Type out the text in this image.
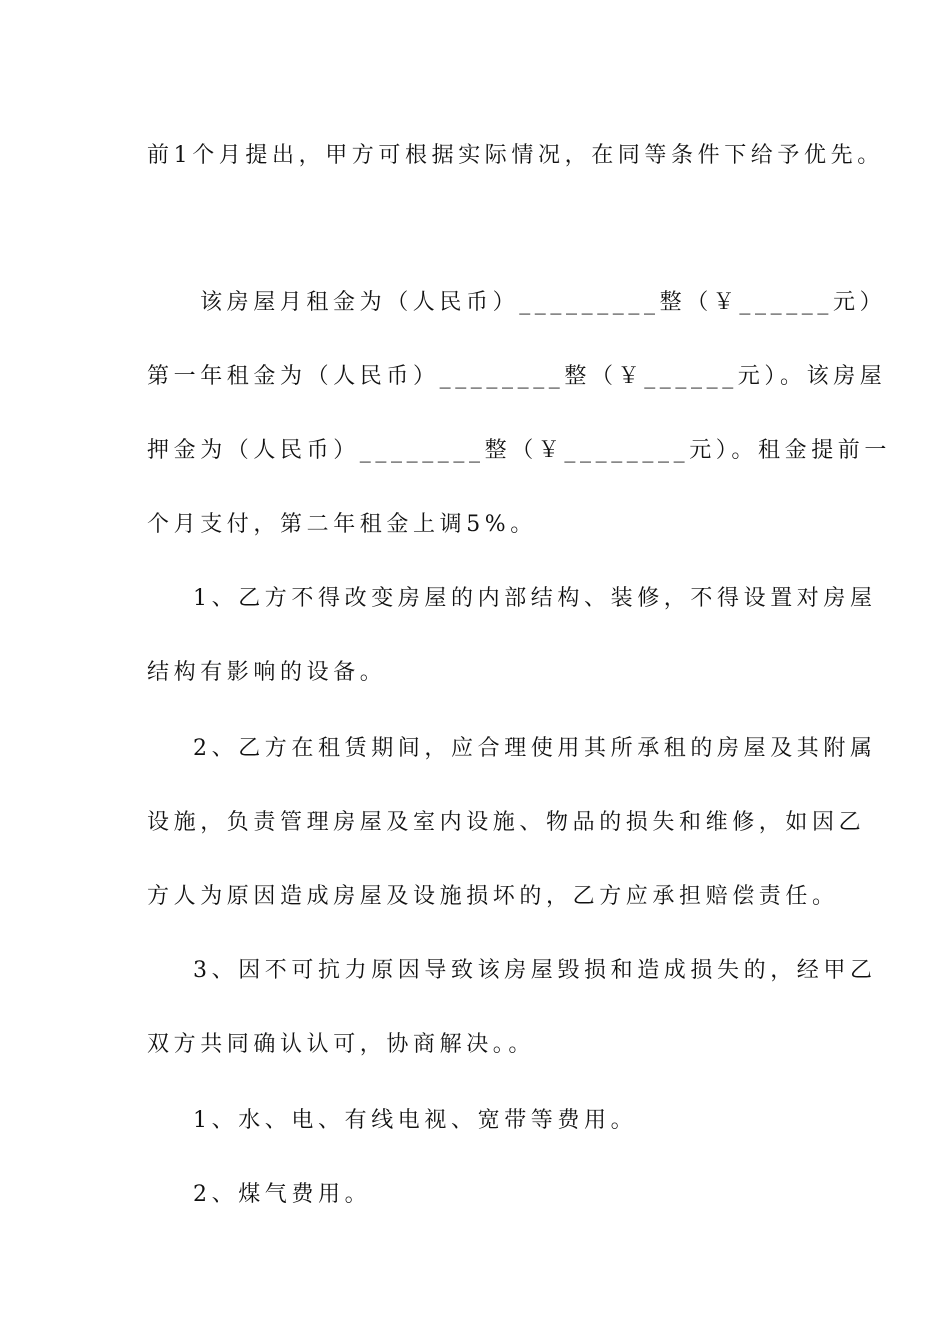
前1个月提出，甲方可根据实际情况，在同等条件下给予优先。
该房屋月租金为（人民币）_________整（￥______元）
第一年租金为（人民币）________整（￥______元）。该房屋
押金为（人民币）________整（￥________元）。租金提前一
个月支付，第二年租金上调5%。
1、乙方不得改变房屋的内部结构、装修，不得设置对房屋
结构有影响的设备。
2、乙方在租赁期间，应合理使用其所承租的房屋及其附属
设施，负责管理房屋及室内设施、物品的损失和维修，如因乙
方人为原因造成房屋及设施损坏的，乙方应承担赔偿责任。
3、因不可抗力原因导致该房屋毁损和造成损失的，经甲乙
双方共同确认认可，协商解决。。
1、水、电、有线电视、宽带等费用。
2、煤气费用。
